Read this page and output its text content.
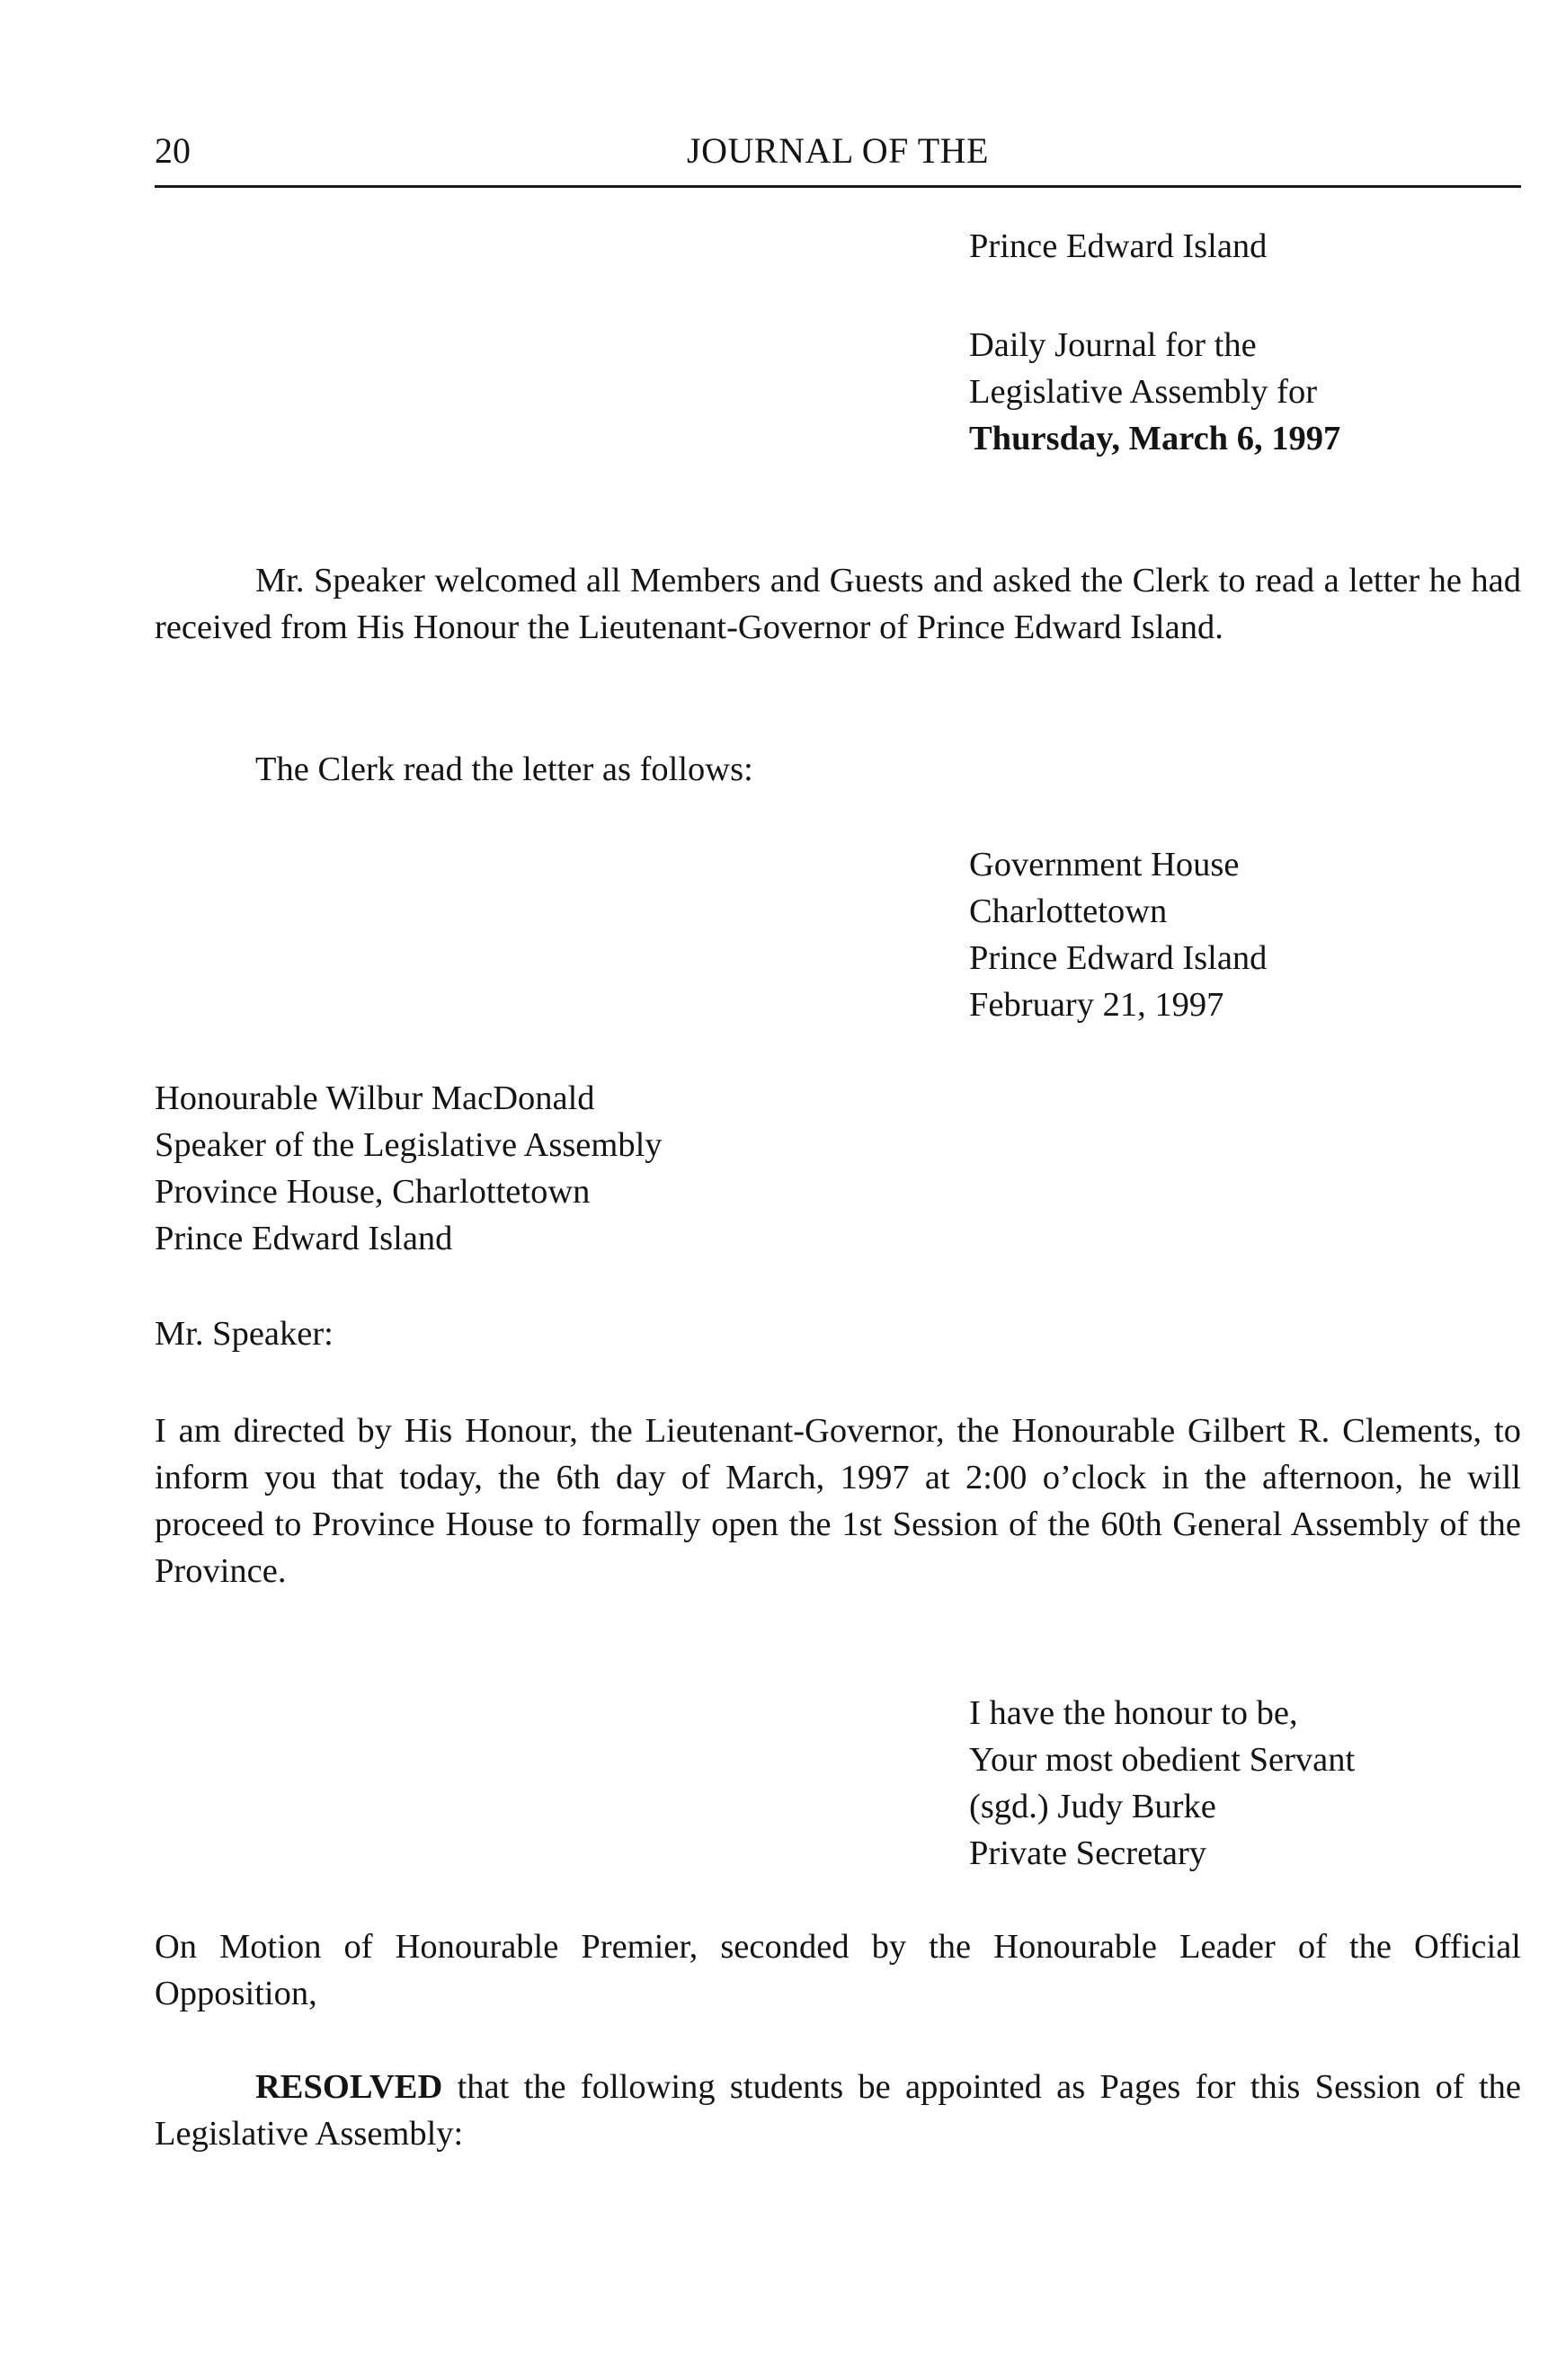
20	JOURNAL OF THE
Prince Edward Island
Daily Journal for the
Legislative Assembly for
Thursday, March 6, 1997

Mr. Speaker welcomed all Members and Guests and asked the Clerk to read a letter he had received from His Honour the Lieutenant-Governor of Prince Edward Island.

The Clerk read the letter as follows:

Government House
Charlottetown
Prince Edward Island
February 21, 1997
Honourable Wilbur MacDonald
Speaker of the Legislative Assembly
Province House, Charlottetown
Prince Edward Island
Mr. Speaker:

I am directed by His Honour, the Lieutenant-Governor, the Honourable Gilbert R. Clements, to inform you that today, the 6th day of March, 1997 at 2:00 o’clock in the afternoon, he will proceed to Province House to formally open the 1st Session of the 60th General Assembly of the Province.

I have the honour to be,
Your most obedient Servant
(sgd.) Judy Burke
Private Secretary

On Motion of Honourable Premier, seconded by the Honourable Leader of the Official Opposition,

RESOLVED that the following students be appointed as Pages for this Session of the Legislative Assembly:
